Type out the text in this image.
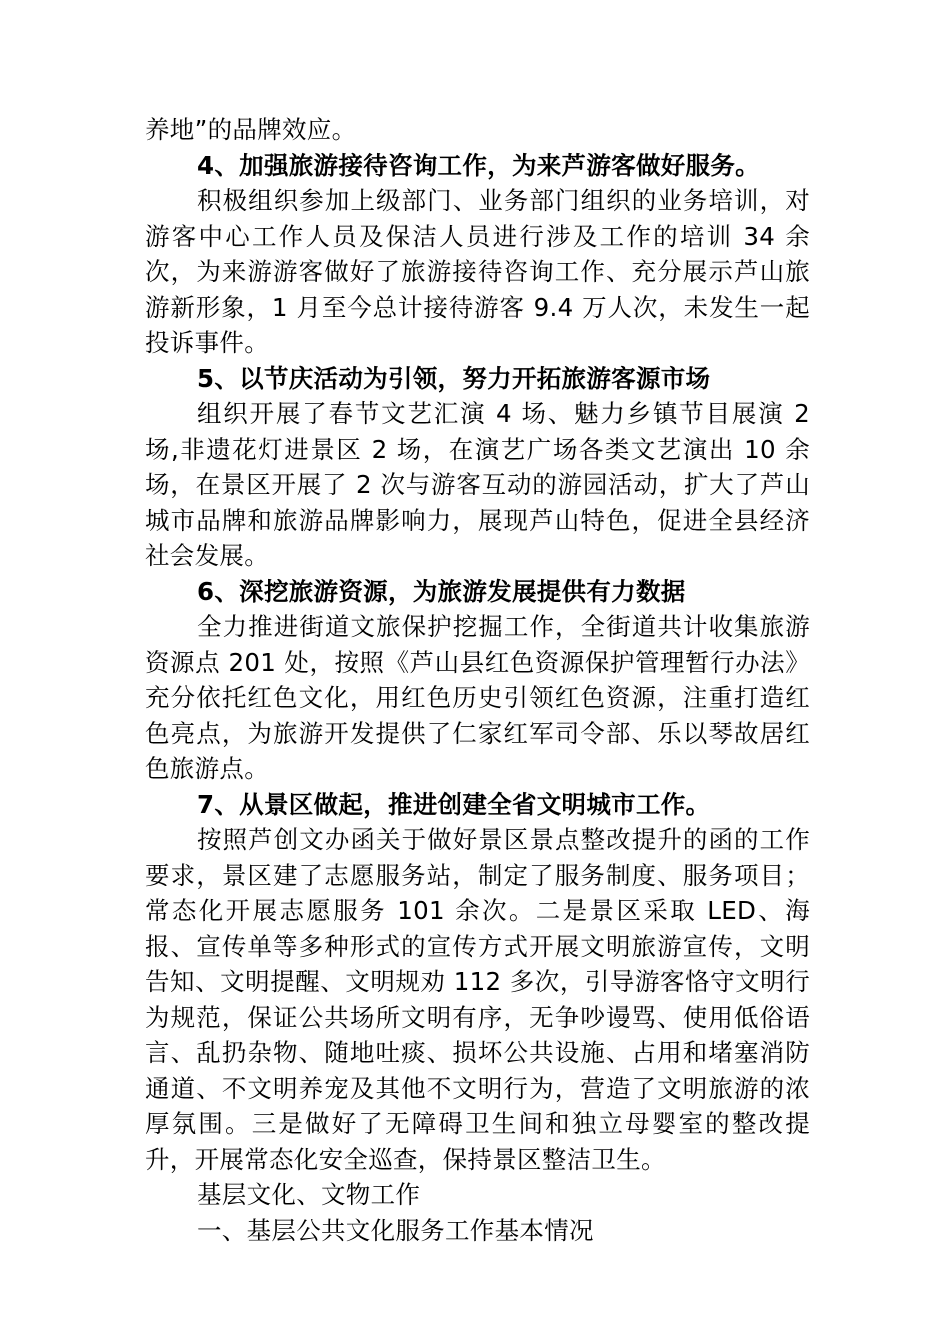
养地”的品牌效应。

4、加强旅游接待咨询工作，为来芦游客做好服务。

积极组织参加上级部门、业务部门组织的业务培训，对游客中心工作人员及保洁人员进行涉及工作的培训 34 余次，为来游游客做好了旅游接待咨询工作、充分展示芦山旅游新形象，1 月至今总计接待游客 9.4 万人次，未发生一起投诉事件。

5、以节庆活动为引领，努力开拓旅游客源市场

组织开展了春节文艺汇演 4 场、魅力乡镇节目展演 2 场,非遗花灯进景区 2 场，在演艺广场各类文艺演出 10 余场，在景区开展了 2 次与游客互动的游园活动，扩大了芦山城市品牌和旅游品牌影响力，展现芦山特色，促进全县经济社会发展。

6、深挖旅游资源，为旅游发展提供有力数据

全力推进街道文旅保护挖掘工作，全街道共计收集旅游资源点 201 处，按照《芦山县红色资源保护管理暂行办法》充分依托红色文化，用红色历史引领红色资源，注重打造红色亮点，为旅游开发提供了仁家红军司令部、乐以琴故居红色旅游点。

7、从景区做起，推进创建全省文明城市工作。

按照芦创文办函关于做好景区景点整改提升的函的工作要求，景区建了志愿服务站，制定了服务制度、服务项目；常态化开展志愿服务 101 余次。二是景区采取 LED、海报、宣传单等多种形式的宣传方式开展文明旅游宣传，文明告知、文明提醒、文明规劝 112 多次，引导游客恪守文明行为规范，保证公共场所文明有序，无争吵谩骂、使用低俗语言、乱扔杂物、随地吐痰、损坏公共设施、占用和堵塞消防通道、不文明养宠及其他不文明行为，营造了文明旅游的浓厚氛围。三是做好了无障碍卫生间和独立母婴室的整改提升，开展常态化安全巡查，保持景区整洁卫生。

基层文化、文物工作

一、基层公共文化服务工作基本情况
